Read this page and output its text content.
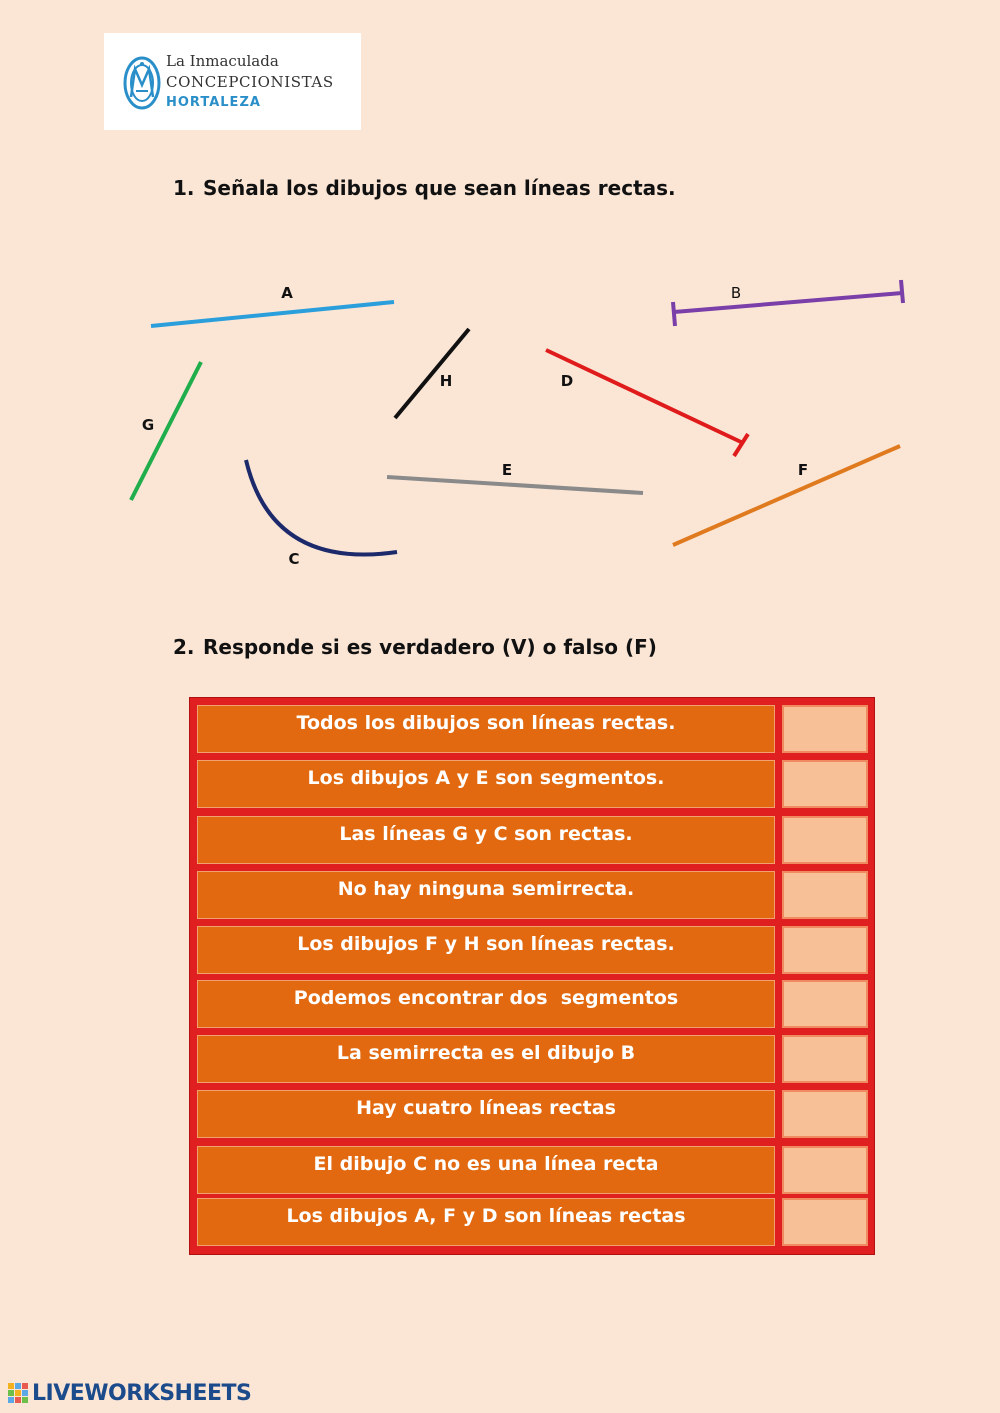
La Inmaculada
CONCEPCIONISTAS
HORTALEZA
1. Señala los dibujos que sean líneas rectas.
A	B
C
D
E	F
G
H
2. Responde si es verdadero (V) o falso (F)
Todos los dibujos son líneas rectas.
Los dibujos A y E son segmentos.
Las líneas G y C son rectas.
No hay ninguna semirrecta.
Los dibujos F y H son líneas rectas.
Podemos encontrar dos  segmentos
La semirrecta es el dibujo B
Hay cuatro líneas rectas
El dibujo C no es una línea recta
Los dibujos A, F y D son líneas rectas
LIVEWORKSHEETS
